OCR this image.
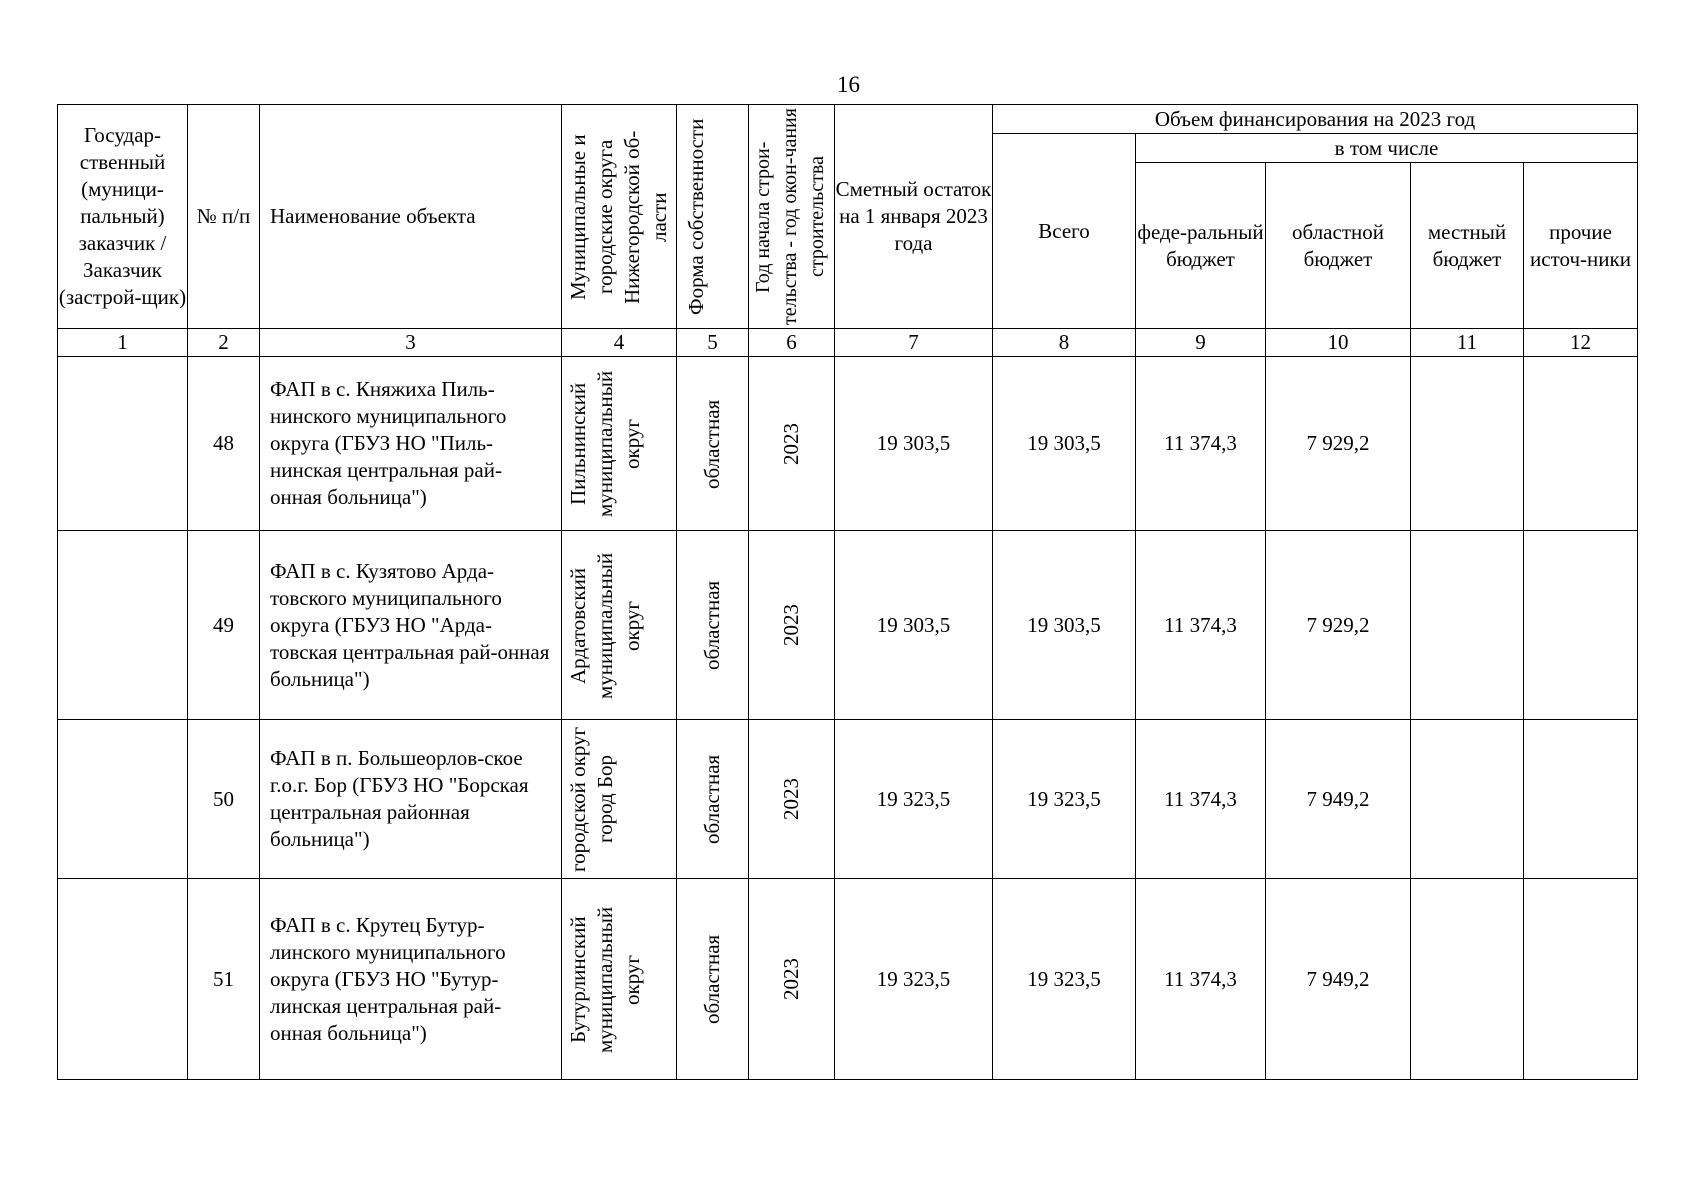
16
Государ-ственный (муници-пальный) заказчик / Заказчик (застрой-щик)	№ п/п	Наименование объекта	Муниципальные и городские округа Нижегородской об-ласти	Форма собственности	Год начала строи-тельства - год окон-чания строительства	Сметный остаток на 1 января 2023 года	Объем финансирования на 2023 год				
							Всего	в том числе			
								феде-ральный бюджет	областной бюджет	местный бюджет	прочие источ-ники
1	2	3	4	5	6	7	8	9	10	11	12
	48	ФАП в с. Княжиха Пиль-нинского муниципального округа (ГБУЗ НО "Пиль-нинская центральная рай-онная больница")	Пильнинский муниципальный округ	областная	2023	19 303,5	19 303,5	11 374,3	7 929,2		
	49	ФАП в с. Кузятово Арда-товского муниципального округа (ГБУЗ НО "Арда-товская центральная рай-онная больница")	Ардатовский муниципальный округ	областная	2023	19 303,5	19 303,5	11 374,3	7 929,2		
	50	ФАП в п. Большеорлов-ское г.о.г. Бор (ГБУЗ НО "Борская центральная районная больница")	городской округ город Бор	областная	2023	19 323,5	19 323,5	11 374,3	7 949,2		
	51	ФАП в с. Крутец Бутур-линского муниципального округа (ГБУЗ НО "Бутур-линская центральная рай-онная больница")	Бутурлинский муниципальный округ	областная	2023	19 323,5	19 323,5	11 374,3	7 949,2		
